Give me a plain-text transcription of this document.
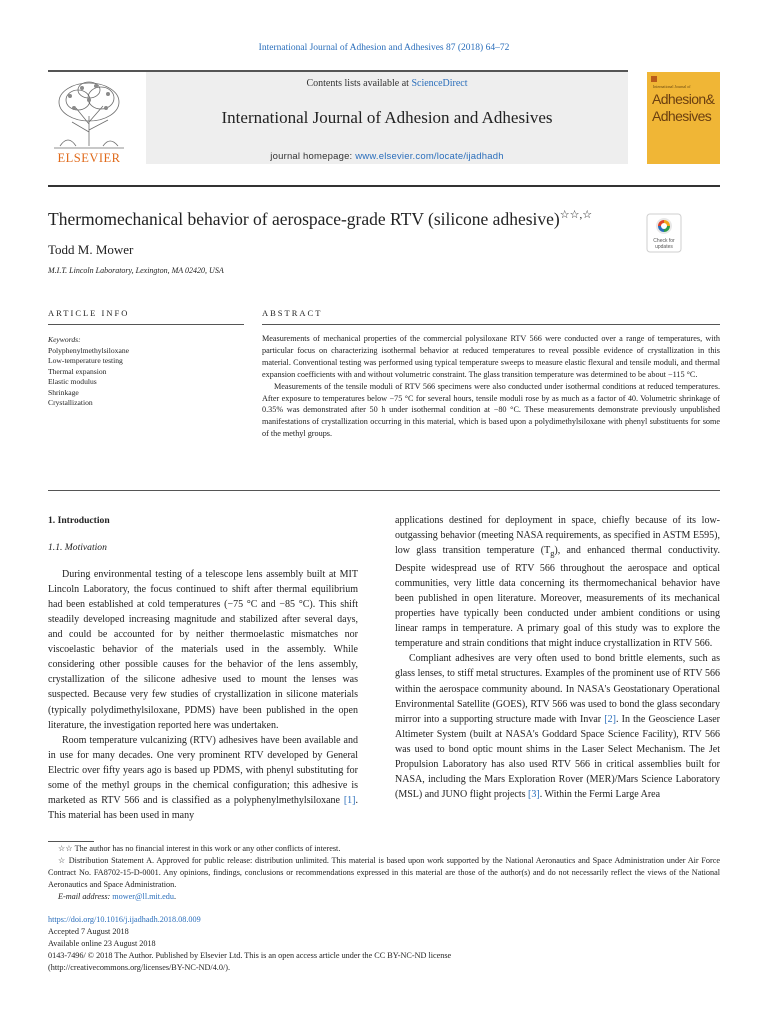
International Journal of Adhesion and Adhesives 87 (2018) 64–72
ELSEVIER
Contents lists available at ScienceDirect
International Journal of Adhesion and Adhesives
journal homepage: www.elsevier.com/locate/ijadhadh
International Journal of
Adhesion&
Adhesives
Thermomechanical behavior of aerospace-grade RTV (silicone adhesive)☆☆,☆
Check for
updates
Todd M. Mower
M.I.T. Lincoln Laboratory, Lexington, MA 02420, USA
ARTICLE INFO	ABSTRACT
Keywords:
Polyphenylmethylsiloxane
Low-temperature testing
Thermal expansion
Elastic modulus
Shrinkage
Crystallization

Measurements of mechanical properties of the commercial polysiloxane RTV 566 were conducted over a range of temperatures, with particular focus on characterizing isothermal behavior at reduced temperatures to reveal possible evidence of crystallization in this material. Conventional testing was performed using typical temperature sweeps to measure elastic flexural and tensile moduli, and thermal expansion coefficients with and without volumetric constraint. The glass transition temperature was determined to be about −115 °C.

Measurements of the tensile moduli of RTV 566 specimens were also conducted under isothermal conditions at reduced temperatures. After exposure to temperatures below −75 °C for several hours, tensile moduli rose by as much as a factor of 40. Volumetric shrinkage of 0.35% was demonstrated after 50 h under isothermal condition at −80 °C. These measurements demonstrate previously unpublished manifestations of crystallization occurring in this material, which is based upon a polydimethylsiloxane with phenyl substituents for some of the methyl groups.

1. Introduction

1.1. Motivation

During environmental testing of a telescope lens assembly built at MIT Lincoln Laboratory, the focus continued to shift after thermal equilibrium had been established at cold temperatures (−75 °C and −85 °C). This shift steadily developed increasing magnitude and stabilized after several days, and could be accounted for by neither thermoelastic mismatches nor viscoelastic behavior of the materials used in the assembly. While considering other possible causes for the behavior of the lens assembly, crystallization of the silicone adhesive used to mount the lenses was suspected. Because very few studies of crystallization in silicone materials (typically polydimethylsiloxane, PDMS) have been published in the open literature, the investigation reported here was undertaken.

Room temperature vulcanizing (RTV) adhesives have been available and in use for many decades. One very prominent RTV developed by General Electric over fifty years ago is based up PDMS, with phenyl substituting for some of the methyl groups in the chemical configuration; this adhesive is marketed as RTV 566 and is classified as a polyphenylmethylsiloxane [1]. This material has been used in many

applications destined for deployment in space, chiefly because of its low-outgassing behavior (meeting NASA requirements, as specified in ASTM E595), low glass transition temperature $(T_g)$, and enhanced thermal conductivity. Despite widespread use of RTV 566 throughout the aerospace and optical communities, very little data concerning its thermomechanical behavior have been published in open literature. Moreover, measurements of its mechanical properties have typically been conducted under ambient conditions or using linear ramps in temperature. A primary goal of this study was to explore the temperature and strain conditions that might induce crystallization in RTV 566.

Compliant adhesives are very often used to bond brittle elements, such as glass lenses, to stiff metal structures. Examples of the prominent use of RTV 566 within the aerospace community abound. In NASA's Geostationary Operational Environmental Satellite (GOES), RTV 566 was used to bond the glass secondary mirror into a supporting structure made with Invar [2]. In the Geoscience Laser Altimeter System (built at NASA's Goddard Space Science Facility), RTV 566 was used to bond optic mount shims in the Laser Select Mechanism. The Jet Propulsion Laboratory has also used RTV 566 in critical assemblies built for NASA, including the Mars Exploration Rover (MER)/Mars Science Laboratory (MSL) and JUNO flight projects [3]. Within the Fermi Large Area

☆☆ The author has no financial interest in this work or any other conflicts of interest.

☆ Distribution Statement A. Approved for public release: distribution unlimited. This material is based upon work supported by the National Aeronautics and Space Administration under Air Force Contract No. FA8702-15-D-0001. Any opinions, findings, conclusions or recommendations expressed in this material are those of the author(s) and do not necessarily reflect the views of the National Aeronautics and Space Administration.

E-mail address: mower@ll.mit.edu.

https://doi.org/10.1016/j.ijadhadh.2018.08.009
Accepted 7 August 2018
Available online 23 August 2018
0143-7496/ © 2018 The Author. Published by Elsevier Ltd. This is an open access article under the CC BY-NC-ND license
(http://creativecommons.org/licenses/BY-NC-ND/4.0/).
